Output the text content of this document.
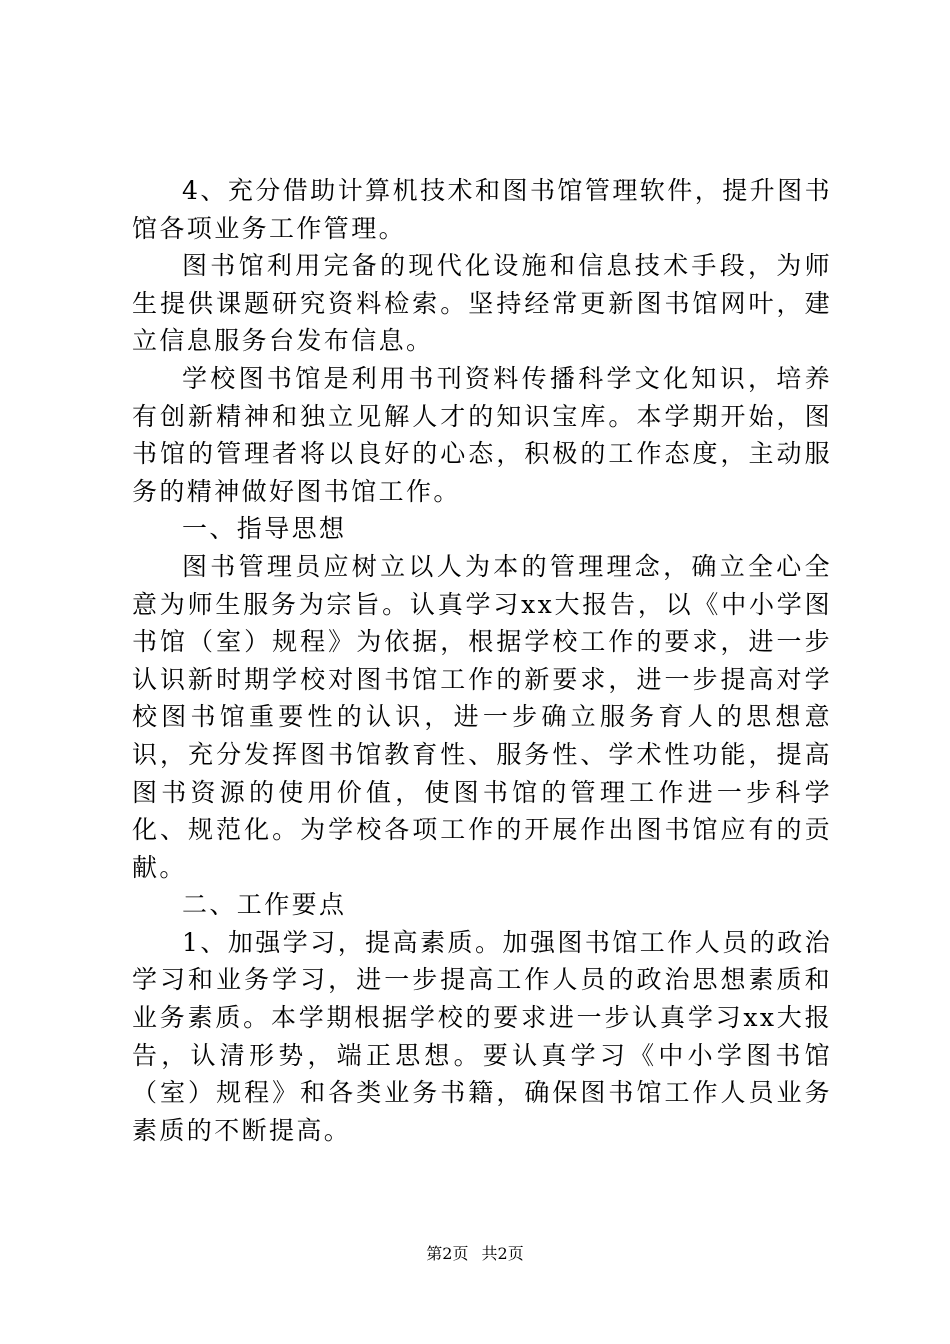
4、充分借助计算机技术和图书馆管理软件，提升图书馆各项业务工作管理。

图书馆利用完备的现代化设施和信息技术手段，为师生提供课题研究资料检索。坚持经常更新图书馆网叶，建立信息服务台发布信息。

学校图书馆是利用书刊资料传播科学文化知识，培养有创新精神和独立见解人才的知识宝库。本学期开始，图书馆的管理者将以良好的心态，积极的工作态度，主动服务的精神做好图书馆工作。

一、指导思想

图书管理员应树立以人为本的管理理念，确立全心全意为师生服务为宗旨。认真学习xx大报告，以《中小学图书馆（室）规程》为依据，根据学校工作的要求，进一步认识新时期学校对图书馆工作的新要求，进一步提高对学校图书馆重要性的认识，进一步确立服务育人的思想意识，充分发挥图书馆教育性、服务性、学术性功能，提高图书资源的使用价值，使图书馆的管理工作进一步科学化、规范化。为学校各项工作的开展作出图书馆应有的贡献。

二、工作要点

1、加强学习，提高素质。加强图书馆工作人员的政治学习和业务学习，进一步提高工作人员的政治思想素质和业务素质。本学期根据学校的要求进一步认真学习xx大报告，认清形势，端正思想。要认真学习《中小学图书馆（室）规程》和各类业务书籍，确保图书馆工作人员业务素质的不断提高。

第2页 共2页
